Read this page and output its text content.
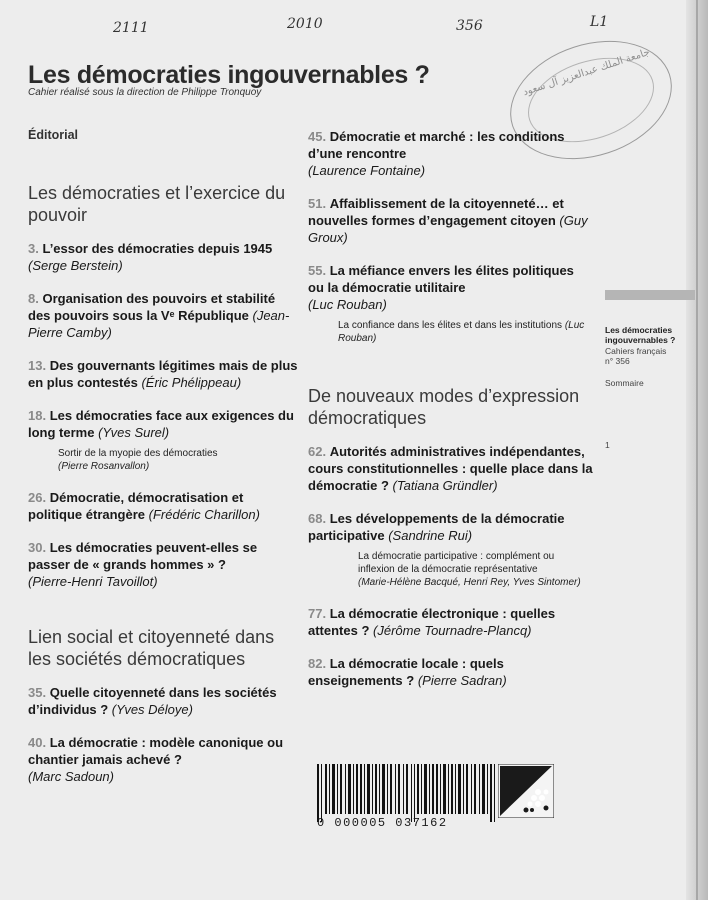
2111	2010	356	L1
جامعة الملك عبدالعزيز آل سعود
Les démocraties ingouvernables ?
Cahier réalisé sous la direction de Philippe Tronquoy
Éditorial
Les démocraties et l’exercice du pouvoir
3. L’essor des démocraties depuis 1945 (Serge Berstein)
8. Organisation des pouvoirs et stabilité des pouvoirs sous la Vᵉ République (Jean-Pierre Camby)
13. Des gouvernants légitimes mais de plus en plus contestés (Éric Phélippeau)
18. Les démocraties face aux exigences du long terme (Yves Surel)
Sortir de la myopie des démocraties
(Pierre Rosanvallon)
26. Démocratie, démocratisation et politique étrangère (Frédéric Charillon)
30. Les démocraties peuvent-elles se passer de « grands hommes » ?
(Pierre-Henri Tavoillot)
Lien social et citoyenneté dans les sociétés démocratiques
35. Quelle citoyenneté dans les sociétés d’individus ? (Yves Déloye)
40. La démocratie : modèle canonique ou chantier jamais achevé ?
(Marc Sadoun)
45. Démocratie et marché : les conditions d’une rencontre
(Laurence Fontaine)
51. Affaiblissement de la citoyenneté… et nouvelles formes d’engagement citoyen (Guy Groux)
55. La méfiance envers les élites politiques ou la démocratie utilitaire
(Luc Rouban)
La confiance dans les élites et dans les institutions (Luc Rouban)
De nouveaux modes d’expression démocratiques
62. Autorités administratives indépendantes, cours constitutionnelles : quelle place dans la démocratie ? (Tatiana Gründler)
68. Les développements de la démocratie participative (Sandrine Rui)
La démocratie participative : complément ou inflexion de la démocratie représentative
(Marie-Hélène Bacqué, Henri Rey, Yves Sintomer)
77. La démocratie électronique : quelles attentes ? (Jérôme Tournadre-Plancq)
82. La démocratie locale : quels enseignements ? (Pierre Sadran)
Les démocraties ingouvernables ?
Cahiers français
n° 356
Sommaire
1
0 000005 037162
